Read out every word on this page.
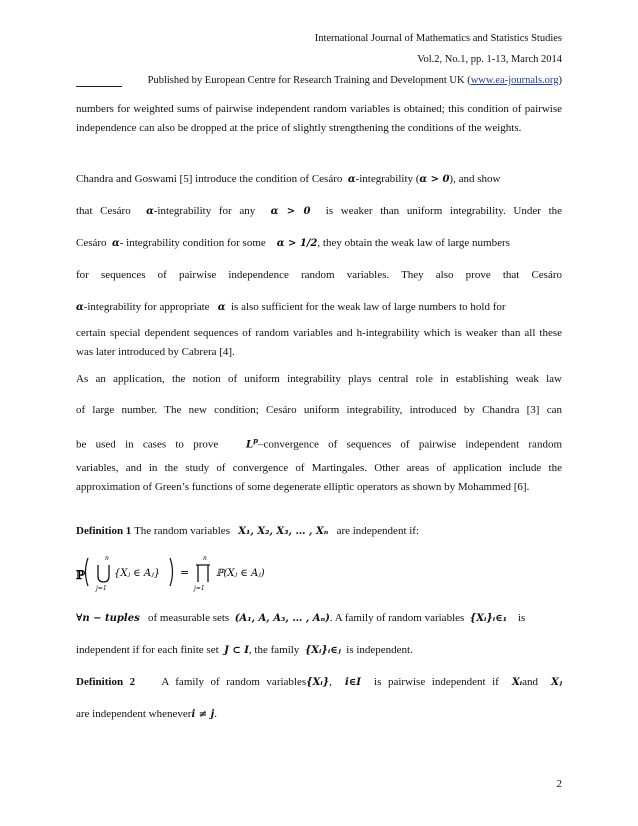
International Journal of Mathematics and Statistics Studies
Vol.2, No.1, pp. 1-13, March 2014
Published by European Centre for Research Training and Development UK (www.ea-journals.org)
numbers for weighted sums of pairwise independent random variables is obtained; this condition of pairwise independence can also be dropped at the price of slightly strengthening the conditions of the weights.
Chandra and Goswami [5] introduce the condition of Cesáro α-integrability (α > 0), and show
that Cesáro α-integrability for any α > 0 is weaker than uniform integrability. Under the
Cesáro α- integrability condition for some α > 1/2, they obtain the weak law of large numbers
for sequences of pairwise independence random variables. They also prove that Cesáro
α-integrability for appropriate α is also sufficient for the weak law of large numbers to hold for
certain special dependent sequences of random variables and h-integrability which is weaker than all these was later introduced by Cabrera [4].
As an application, the notion of uniform integrability plays central role in establishing weak law
of large number. The new condition; Cesáro uniform integrability, introduced by Chandra [3] can
be used in cases to prove	$L^p$–convergence of sequences of pairwise independent random
variables, and in the study of convergence of Martingales. Other areas of application include the approximation of Green’s functions of some degenerate elliptic operators as shown by Mohammed [6].
Definition 1 The random variables X₁, X₂, X₃, … , Xₙ are independent if:
ℙ
n
j=1
{Xⱼ ∈ Aⱼ} =
n
j=1
ℙ(Xⱼ ∈ Aⱼ)
∀n − tuples of measurable sets (A₁, A, A₃, … , Aₙ). A family of random variables {Xᵢ}ᵢ∈₁ is
independent if for each finite set J ⊂ I, the family {Xᵢ}ᵢ∈ⱼ is independent.
Definition 2 A family of random variables{Xᵢ},  i∈I is pairwise independent if Xᵢand Xⱼ
are independent wheneveri ≠ j.
2
